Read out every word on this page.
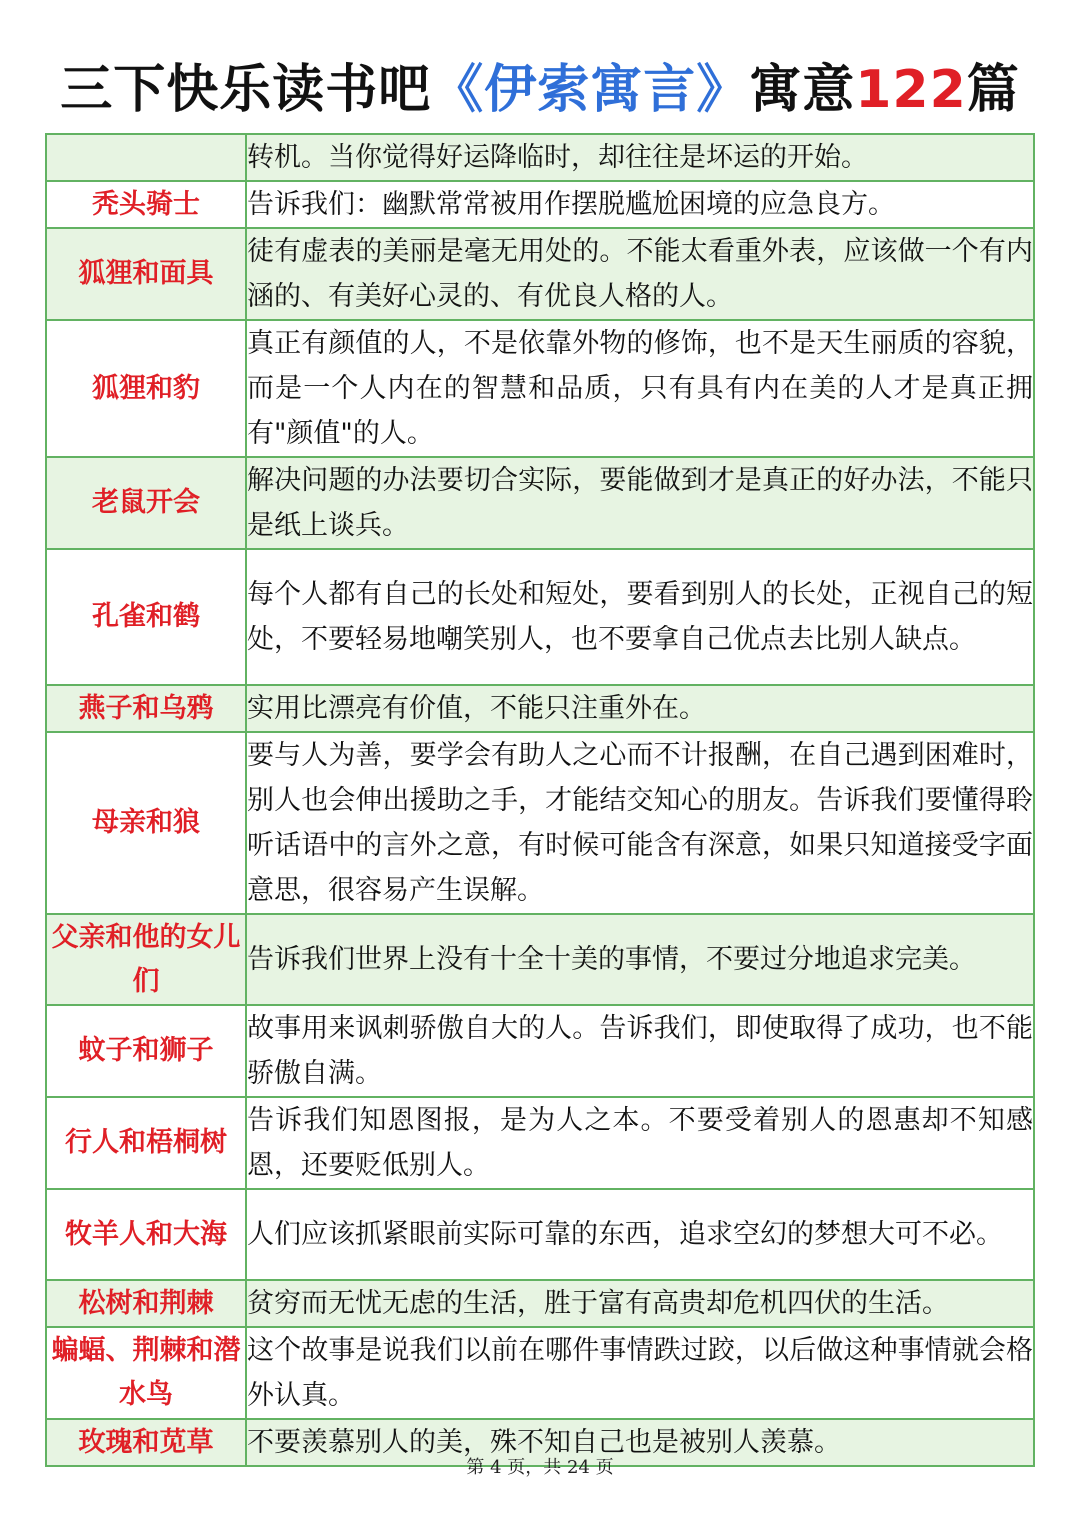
三下快乐读书吧《伊索寓言》寓意122篇
	转机。当你觉得好运降临时，却往往是坏运的开始。
秃头骑士	告诉我们：幽默常常被用作摆脱尴尬困境的应急良方。
狐狸和面具	徒有虚表的美丽是毫无用处的。不能太看重外表，应该做一个有内涵的、有美好心灵的、有优良人格的人。
狐狸和豹	真正有颜值的人，不是依靠外物的修饰，也不是天生丽质的容貌，而是一个人内在的智慧和品质，只有具有内在美的人才是真正拥有"颜值"的人。
老鼠开会	解决问题的办法要切合实际，要能做到才是真正的好办法，不能只是纸上谈兵。
孔雀和鹤	每个人都有自己的长处和短处，要看到别人的长处，正视自己的短处，不要轻易地嘲笑别人，也不要拿自己优点去比别人缺点。
燕子和乌鸦	实用比漂亮有价值，不能只注重外在。
母亲和狼	要与人为善，要学会有助人之心而不计报酬，在自己遇到困难时，别人也会伸出援助之手，才能结交知心的朋友。告诉我们要懂得聆听话语中的言外之意，有时候可能含有深意，如果只知道接受字面意思，很容易产生误解。
父亲和他的女儿们	告诉我们世界上没有十全十美的事情，不要过分地追求完美。
蚊子和狮子	故事用来讽刺骄傲自大的人。告诉我们，即使取得了成功，也不能骄傲自满。
行人和梧桐树	告诉我们知恩图报，是为人之本。不要受着别人的恩惠却不知感恩，还要贬低别人。
牧羊人和大海	人们应该抓紧眼前实际可靠的东西，追求空幻的梦想大可不必。
松树和荆棘	贫穷而无忧无虑的生活，胜于富有高贵却危机四伏的生活。
蝙蝠、荆棘和潜水鸟	这个故事是说我们以前在哪件事情跌过跤，以后做这种事情就会格外认真。
玫瑰和苋草	不要羡慕别人的美，殊不知自己也是被别人羡慕。
第 4 页，共 24 页
